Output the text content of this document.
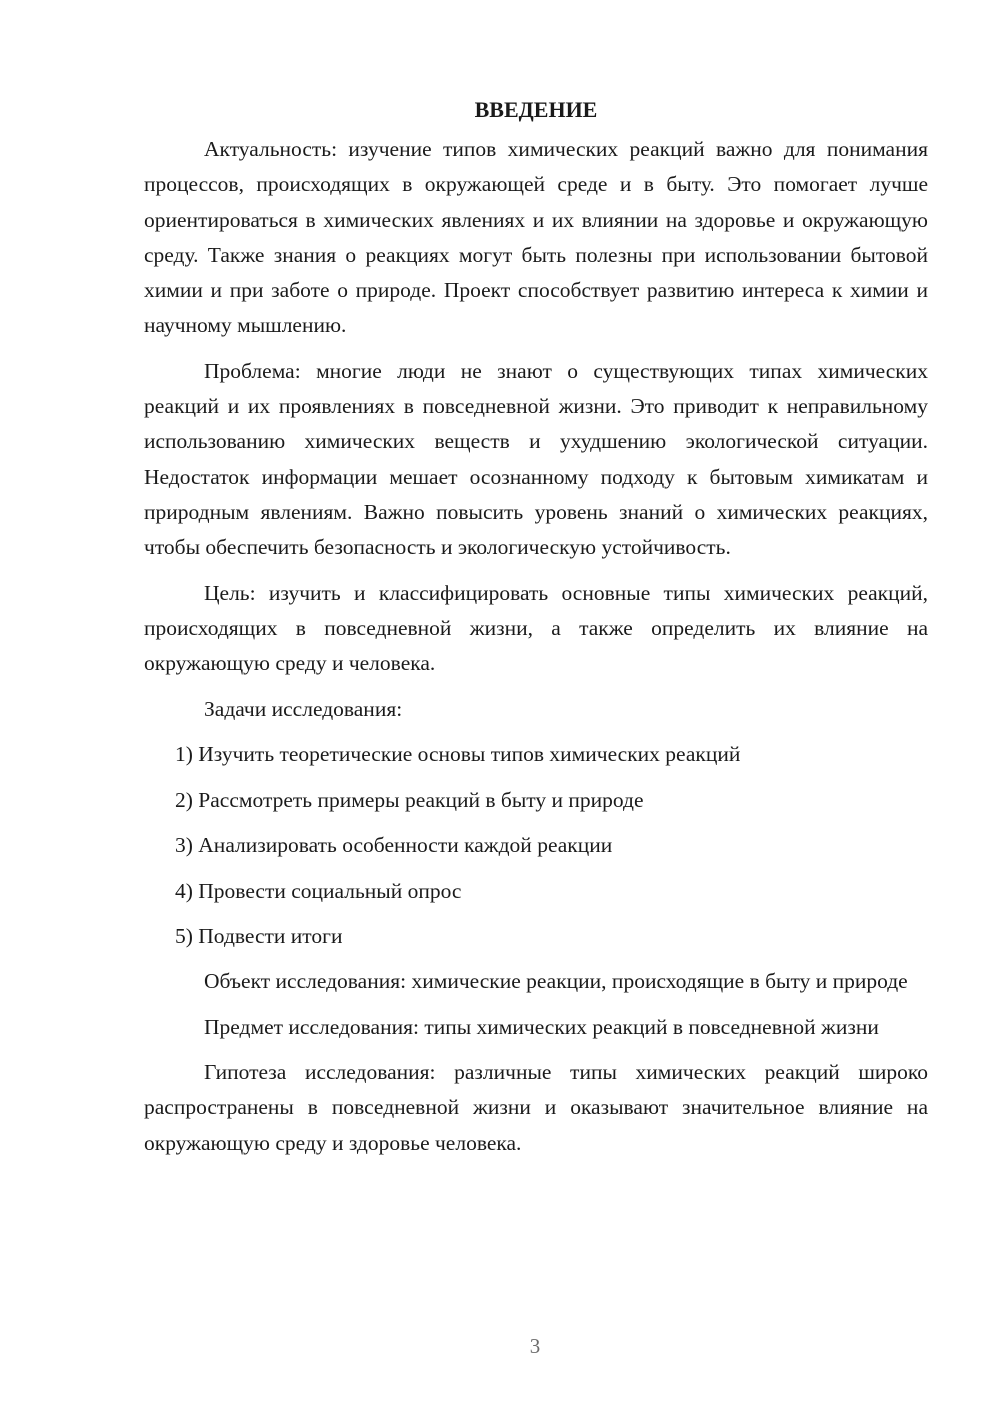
ВВЕДЕНИЕ

Актуальность: изучение типов химических реакций важно для понимания процессов, происходящих в окружающей среде и в быту. Это помогает лучше ориентироваться в химических явлениях и их влиянии на здоровье и окружающую среду. Также знания о реакциях могут быть полезны при использовании бытовой химии и при заботе о природе. Проект способствует развитию интереса к химии и научному мышлению.

Проблема: многие люди не знают о существующих типах химических реакций и их проявлениях в повседневной жизни. Это приводит к неправильному использованию химических веществ и ухудшению экологической ситуации. Недостаток информации мешает осознанному подходу к бытовым химикатам и природным явлениям. Важно повысить уровень знаний о химических реакциях, чтобы обеспечить безопасность и экологическую устойчивость.

Цель: изучить и классифицировать основные типы химических реакций, происходящих в повседневной жизни, а также определить их влияние на окружающую среду и человека.

Задачи исследования:

1) Изучить теоретические основы типов химических реакций
2) Рассмотреть примеры реакций в быту и природе
3) Анализировать особенности каждой реакции
4) Провести социальный опрос
5) Подвести итоги

Объект исследования: химические реакции, происходящие в быту и природе

Предмет исследования: типы химических реакций в повседневной жизни

Гипотеза исследования: различные типы химических реакций широко распространены в повседневной жизни и оказывают значительное влияние на окружающую среду и здоровье человека.

3
